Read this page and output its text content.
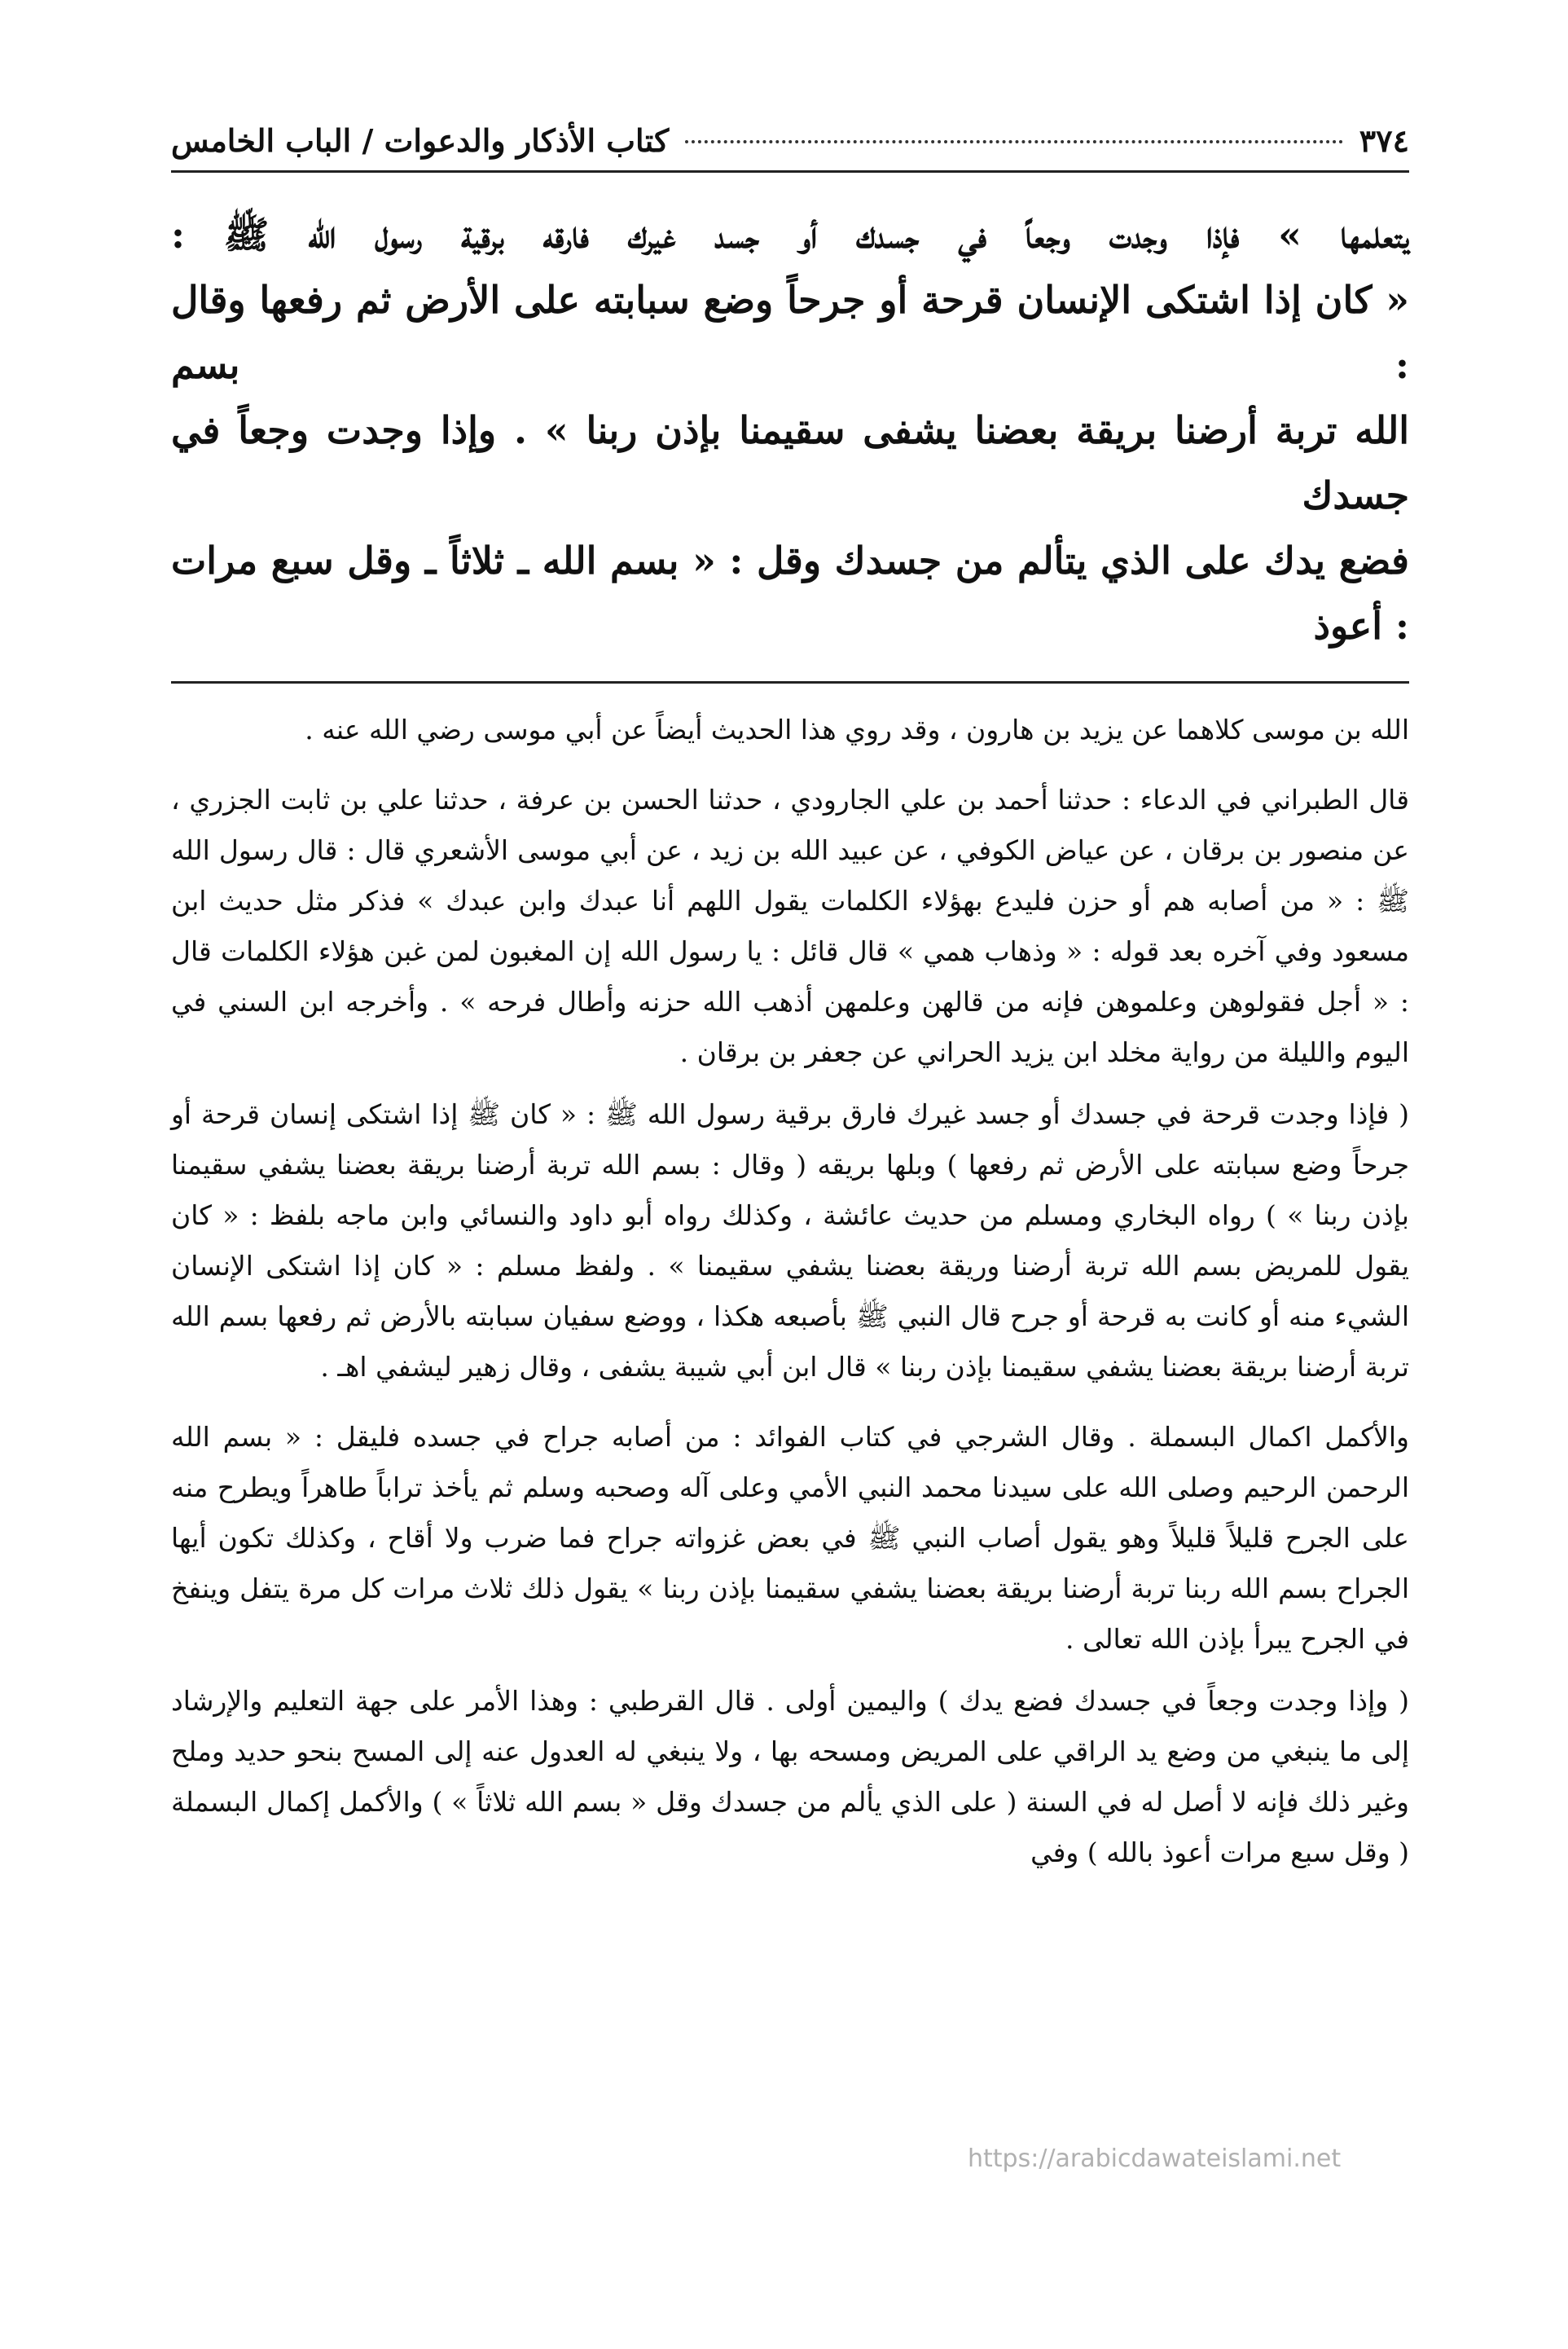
٣٧٤
كتاب الأذكار والدعوات / الباب الخامس

يتعلمها » فإذا وجدت وجعاً في جسدك أو جسد غيرك فارقه برقية رسول الله ﷺ :

« كان إذا اشتكى الإنسان قرحة أو جرحاً وضع سبابته على الأرض ثم رفعها وقال : بسم

الله تربة أرضنا بريقة بعضنا يشفى سقيمنا بإذن ربنا » . وإذا وجدت وجعاً في جسدك

فضع يدك على الذي يتألم من جسدك وقل : « بسم الله ـ ثلاثاً ـ وقل سبع مرات : أعوذ

الله بن موسى كلاهما عن يزيد بن هارون ، وقد روي هذا الحديث أيضاً عن أبي موسى رضي الله عنه .

قال الطبراني في الدعاء : حدثنا أحمد بن علي الجارودي ، حدثنا الحسن بن عرفة ، حدثنا علي بن ثابت الجزري ، عن منصور بن برقان ، عن عياض الكوفي ، عن عبيد الله بن زيد ، عن أبي موسى الأشعري قال : قال رسول الله ﷺ : « من أصابه هم أو حزن فليدع بهؤلاء الكلمات يقول اللهم أنا عبدك وابن عبدك » فذكر مثل حديث ابن مسعود وفي آخره بعد قوله : « وذهاب همي » قال قائل : يا رسول الله إن المغبون لمن غبن هؤلاء الكلمات قال : « أجل فقولوهن وعلموهن فإنه من قالهن وعلمهن أذهب الله حزنه وأطال فرحه » . وأخرجه ابن السني في اليوم والليلة من رواية مخلد ابن يزيد الحراني عن جعفر بن برقان .

( فإذا وجدت قرحة في جسدك أو جسد غيرك فارق برقية رسول الله ﷺ : « كان ﷺ إذا اشتكى إنسان قرحة أو جرحاً وضع سبابته على الأرض ثم رفعها ) وبلها بريقه ( وقال : بسم الله تربة أرضنا بريقة بعضنا يشفي سقيمنا بإذن ربنا » ) رواه البخاري ومسلم من حديث عائشة ، وكذلك رواه أبو داود والنسائي وابن ماجه بلفظ : « كان يقول للمريض بسم الله تربة أرضنا وريقة بعضنا يشفي سقيمنا » . ولفظ مسلم : « كان إذا اشتكى الإنسان الشيء منه أو كانت به قرحة أو جرح قال النبي ﷺ بأصبعه هكذا ، ووضع سفيان سبابته بالأرض ثم رفعها بسم الله تربة أرضنا بريقة بعضنا يشفي سقيمنا بإذن ربنا » قال ابن أبي شيبة يشفى ، وقال زهير ليشفي اهـ .

والأكمل اكمال البسملة . وقال الشرجي في كتاب الفوائد : من أصابه جراح في جسده فليقل : « بسم الله الرحمن الرحيم وصلى الله على سيدنا محمد النبي الأمي وعلى آله وصحبه وسلم ثم يأخذ تراباً طاهراً ويطرح منه على الجرح قليلاً قليلاً وهو يقول أصاب النبي ﷺ في بعض غزواته جراح فما ضرب ولا أقاح ، وكذلك تكون أيها الجراح بسم الله ربنا تربة أرضنا بريقة بعضنا يشفي سقيمنا بإذن ربنا » يقول ذلك ثلاث مرات كل مرة يتفل وينفخ في الجرح يبرأ بإذن الله تعالى .

( وإذا وجدت وجعاً في جسدك فضع يدك ) واليمين أولى . قال القرطبي : وهذا الأمر على جهة التعليم والإرشاد إلى ما ينبغي من وضع يد الراقي على المريض ومسحه بها ، ولا ينبغي له العدول عنه إلى المسح بنحو حديد وملح وغير ذلك فإنه لا أصل له في السنة ( على الذي يألم من جسدك وقل « بسم الله ثلاثاً » ) والأكمل إكمال البسملة ( وقل سبع مرات أعوذ بالله ) وفي

https://arabicdawateislami.net
